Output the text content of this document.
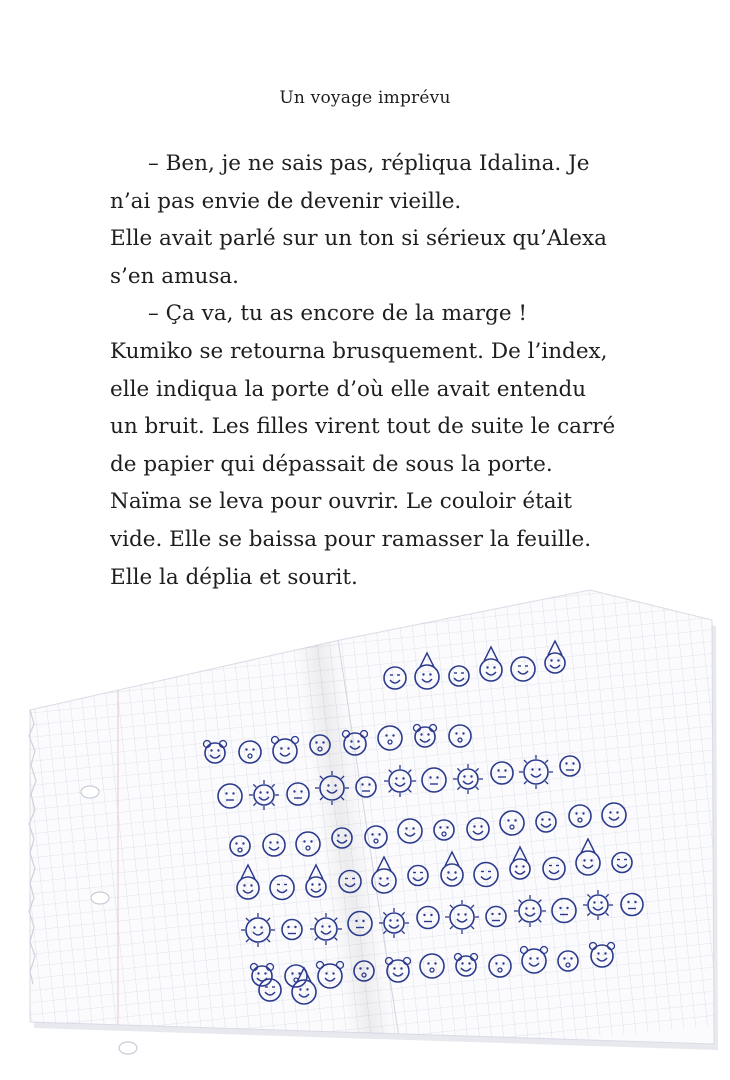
Un voyage imprévu

– Ben, je ne sais pas, répliqua Idalina. Je

n’ai pas envie de devenir vieille.

Elle avait parlé sur un ton si sérieux qu’Alexa

s’en amusa.

– Ça va, tu as encore de la marge !

Kumiko se retourna brusquement. De l’index,

elle indiqua la porte d’où elle avait entendu

un bruit. Les filles virent tout de suite le carré

de papier qui dépassait de sous la porte.

Naïma se leva pour ouvrir. Le couloir était

vide. Elle se baissa pour ramasser la feuille.

Elle la déplia et sourit.
